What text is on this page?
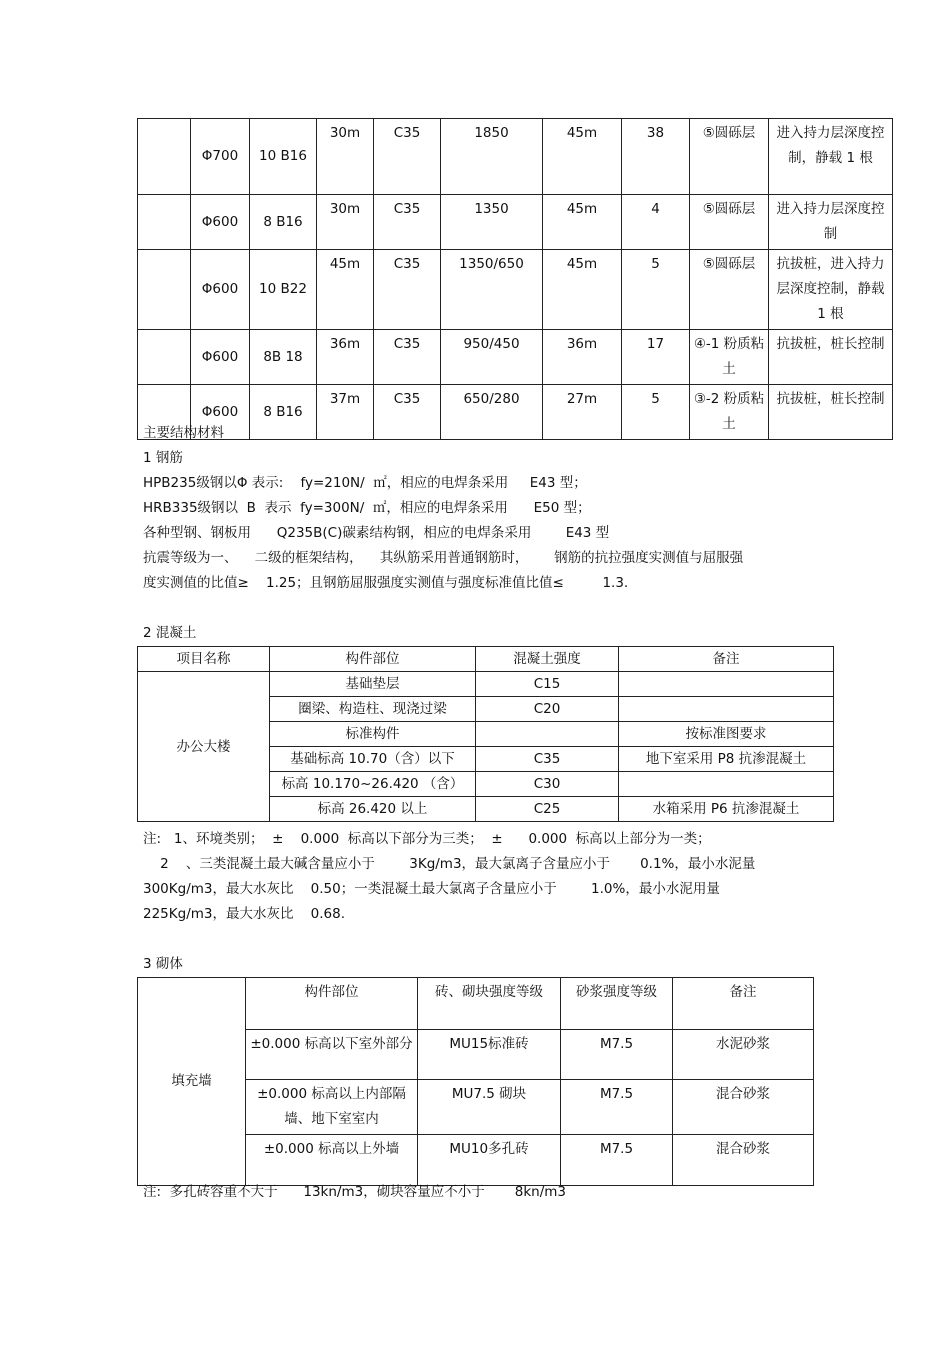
	Φ700	10 B16	30m	C35	1850	45m	38	⑤圆砾层	进入持力层深度控制，静载 1 根
	Φ600	8 B16	30m	C35	1350	45m	4	⑤圆砾层	进入持力层深度控制
	Φ600	10 B22	45m	C35	1350/650	45m	5	⑤圆砾层	抗拔桩，进入持力层深度控制，静载 1 根
	Φ600	8B 18	36m	C35	950/450	36m	17	④-1 粉质粘土	抗拔桩，桩长控制
	Φ600	8 B16	37m	C35	650/280	27m	5	③-2 粉质粘土	抗拔桩，桩长控制
主要结构材料
1 钢筋
HPB235级钢以Φ 表示:    fy=210N/  ㎡，相应的电焊条采用     E43 型；
HRB335级钢以  B  表示  fy=300N/  ㎡，相应的电焊条采用      E50 型；
各种型钢、钢板用      Q235B(C)碳素结构钢，相应的电焊条采用        E43 型
抗震等级为一、    二级的框架结构，    其纵筋采用普通钢筋时，      钢筋的抗拉强度实测值与屈服强
度实测值的比值≥    1.25；且钢筋屈服强度实测值与强度标准值比值≤         1.3.
2 混凝土
项目名称	构件部位	混凝土强度	备注
办公大楼	基础垫层	C15	
	圈梁、构造柱、现浇过梁	C20	
	标准构件		按标准图要求
	基础标高 10.70（含）以下	C35	地下室采用 P8 抗渗混凝土
	标高 10.170~26.420 （含）	C30	
	标高 26.420 以上	C25	水箱采用 P6 抗渗混凝土
注:   1、环境类别；  ±    0.000  标高以下部分为三类；  ±      0.000  标高以上部分为一类；
2    、三类混凝土最大碱含量应小于        3Kg/m3，最大氯离子含量应小于       0.1%，最小水泥量
300Kg/m3，最大水灰比    0.50；一类混凝土最大氯离子含量应小于        1.0%，最小水泥用量
225Kg/m3，最大水灰比    0.68.
3 砌体
填充墙	构件部位	砖、砌块强度等级	砂浆强度等级	备注
	±0.000 标高以下室外部分	MU15标准砖	M7.5	水泥砂浆
	±0.000 标高以上内部隔墙、地下室室内	MU7.5 砌块	M7.5	混合砂浆
	±0.000 标高以上外墙	MU10多孔砖	M7.5	混合砂浆
注:  多孔砖容重不大于      13kn/m3，砌块容量应不小于       8kn/m3
